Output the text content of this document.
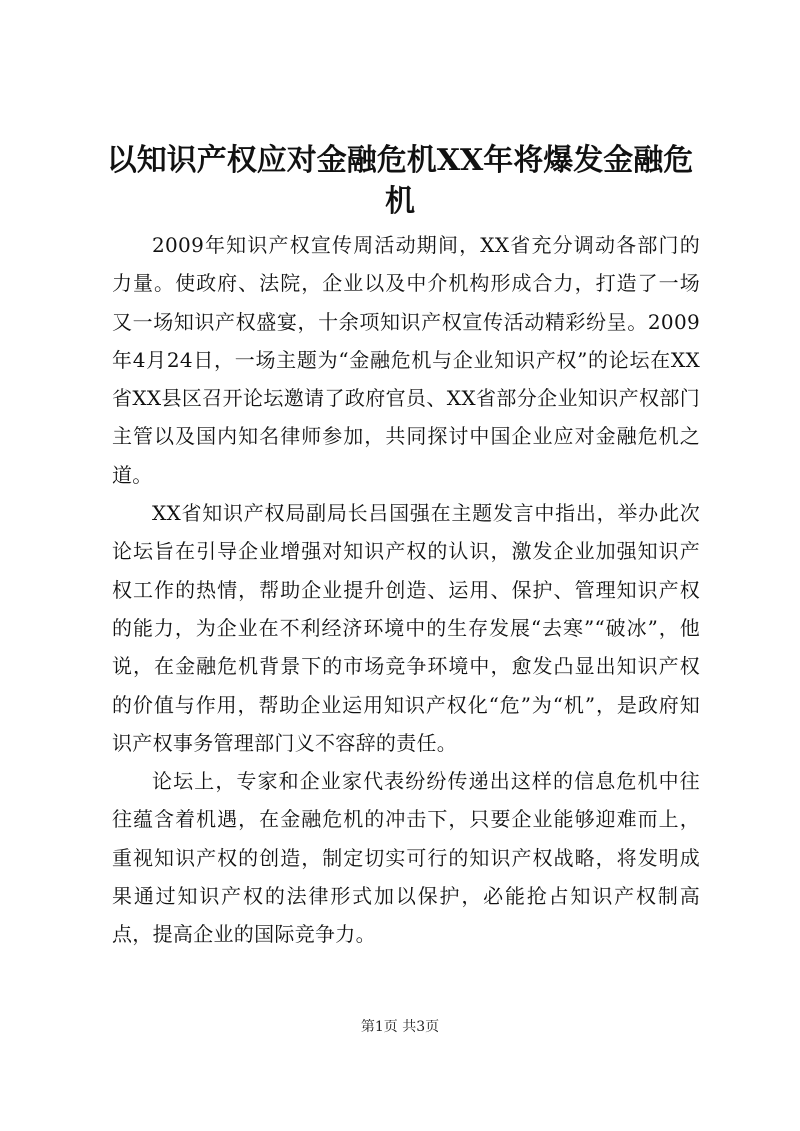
以知识产权应对金融危机XX年将爆发金融危机

2009年知识产权宣传周活动期间，XX省充分调动各部门的力量。使政府、法院，企业以及中介机构形成合力，打造了一场又一场知识产权盛宴，十余项知识产权宣传活动精彩纷呈。2009年4月24日，一场主题为“金融危机与企业知识产权”的论坛在XX省XX县区召开论坛邀请了政府官员、XX省部分企业知识产权部门主管以及国内知名律师参加，共同探讨中国企业应对金融危机之道。

XX省知识产权局副局长吕国强在主题发言中指出，举办此次论坛旨在引导企业增强对知识产权的认识，激发企业加强知识产权工作的热情，帮助企业提升创造、运用、保护、管理知识产权的能力，为企业在不利经济环境中的生存发展“去寒”“破冰”，他说，在金融危机背景下的市场竞争环境中，愈发凸显出知识产权的价值与作用，帮助企业运用知识产权化“危”为“机”，是政府知识产权事务管理部门义不容辞的责任。

论坛上，专家和企业家代表纷纷传递出这样的信息危机中往往蕴含着机遇，在金融危机的冲击下，只要企业能够迎难而上，重视知识产权的创造，制定切实可行的知识产权战略，将发明成果通过知识产权的法律形式加以保护，必能抢占知识产权制高点，提高企业的国际竞争力。

第1页 共3页
